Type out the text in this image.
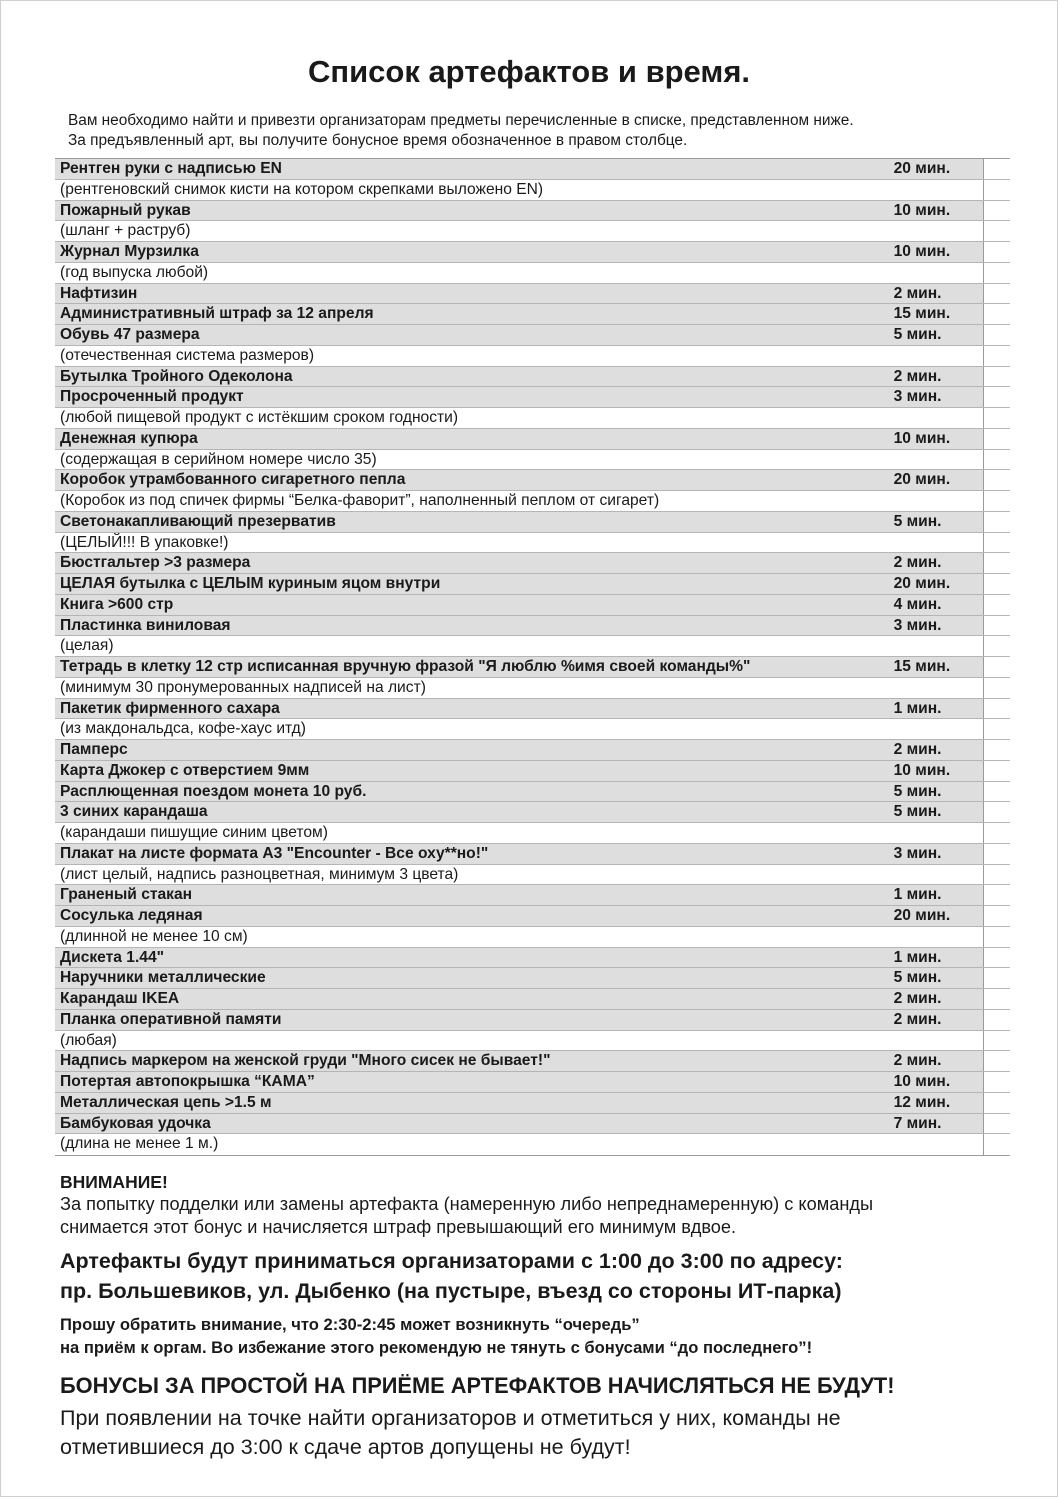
Список артефактов и время.
Вам необходимо найти и привезти организаторам предметы перечисленные в списке, представленном ниже.
За предъявленный арт, вы получите бонусное время обозначенное в правом столбце.
Рентген руки с надписью EN	20 мин.
(рентгеновский снимок кисти на котором скрепками выложено EN)
Пожарный рукав	10 мин.
(шланг + раструб)
Журнал Мурзилка	10 мин.
(год выпуска любой)
Нафтизин	2 мин.
Административный штраф за 12 апреля	15 мин.
Обувь 47 размера	5 мин.
(отечественная система размеров)
Бутылка Тройного Одеколона	2 мин.
Просроченный продукт	3 мин.
(любой пищевой продукт с истёкшим сроком годности)
Денежная купюра	10 мин.
(содержащая в серийном номере число 35)
Коробок утрамбованного сигаретного пепла	20 мин.
(Коробок из под спичек фирмы “Белка-фаворит”, наполненный пеплом от сигарет)
Светонакапливающий презерватив	5 мин.
(ЦЕЛЫЙ!!! В упаковке!)
Бюстгальтер >3 размера	2 мин.
ЦЕЛАЯ бутылка с ЦЕЛЫМ куриным яцом внутри	20 мин.
Книга >600 стр	4 мин.
Пластинка виниловая	3 мин.
(целая)
Тетрадь в клетку 12 стр исписанная вручную фразой "Я люблю %имя своей команды%"	15 мин.
(минимум 30 пронумерованных надписей на лист)
Пакетик фирменного сахара	1 мин.
(из макдональдса, кофе-хаус итд)
Памперс	2 мин.
Карта Джокер с отверстием 9мм	10 мин.
Расплющенная поездом монета 10 руб.	5 мин.
3 синих карандаша	5 мин.
(карандаши пишущие синим цветом)
Плакат на листе формата А3 "Encounter - Все оху**но!"	3 мин.
(лист целый, надпись разноцветная, минимум 3 цвета)
Граненый стакан	1 мин.
Сосулька ледяная	20 мин.
(длинной не менее 10 см)
Дискета 1.44"	1 мин.
Наручники металлические	5 мин.
Карандаш IKEA	2 мин.
Планка оперативной памяти	2 мин.
(любая)
Надпись маркером на женской груди "Много сисек не бывает!"	2 мин.
Потертая автопокрышка “КАМА”	10 мин.
Металлическая цепь >1.5 м	12 мин.
Бамбуковая удочка	7 мин.
(длина не менее 1 м.)
ВНИМАНИЕ!
За попытку подделки или замены артефакта (намеренную либо непреднамеренную) с команды
снимается этот бонус и начисляется штраф превышающий его минимум вдвое.
Артефакты будут приниматься организаторами с 1:00 до 3:00 по адресу:
пр. Большевиков, ул. Дыбенко (на пустыре, въезд со стороны ИТ-парка)
Прошу обратить внимание, что 2:30-2:45 может возникнуть “очередь”
на приём к оргам. Во избежание этого рекомендую не тянуть с бонусами “до последнего”!
БОНУСЫ ЗА ПРОСТОЙ НА ПРИЁМЕ АРТЕФАКТОВ НАЧИСЛЯТЬСЯ НЕ БУДУТ!
При появлении на точке найти организаторов и отметиться у них, команды не
отметившиеся до 3:00 к сдаче артов допущены не будут!
